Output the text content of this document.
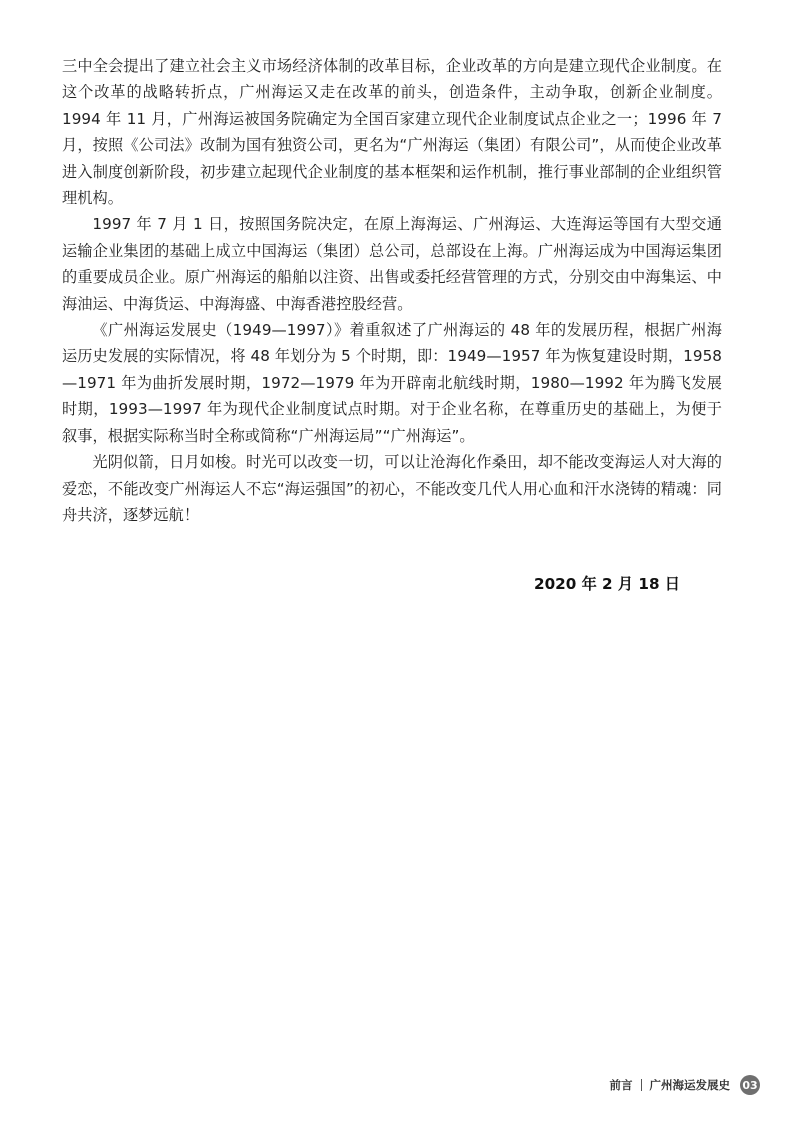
三中全会提出了建立社会主义市场经济体制的改革目标，企业改革的方向是建立现代企业制度。在这个改革的战略转折点，广州海运又走在改革的前头，创造条件，主动争取，创新企业制度。1994 年 11 月，广州海运被国务院确定为全国百家建立现代企业制度试点企业之一；1996 年 7 月，按照《公司法》改制为国有独资公司，更名为“广州海运（集团）有限公司”，从而使企业改革进入制度创新阶段，初步建立起现代企业制度的基本框架和运作机制，推行事业部制的企业组织管理机构。

1997 年 7 月 1 日，按照国务院决定，在原上海海运、广州海运、大连海运等国有大型交通运输企业集团的基础上成立中国海运（集团）总公司，总部设在上海。广州海运成为中国海运集团的重要成员企业。原广州海运的船舶以注资、出售或委托经营管理的方式，分别交由中海集运、中海油运、中海货运、中海海盛、中海香港控股经营。

《广州海运发展史（1949—1997）》着重叙述了广州海运的 48 年的发展历程，根据广州海运历史发展的实际情况，将 48 年划分为 5 个时期，即：1949—1957 年为恢复建设时期，1958—1971 年为曲折发展时期，1972—1979 年为开辟南北航线时期，1980—1992 年为腾飞发展时期，1993—1997 年为现代企业制度试点时期。对于企业名称，在尊重历史的基础上，为便于叙事，根据实际称当时全称或简称“广州海运局”“广州海运”。

光阴似箭，日月如梭。时光可以改变一切，可以让沧海化作桑田，却不能改变海运人对大海的爱恋，不能改变广州海运人不忘“海运强国”的初心，不能改变几代人用心血和汗水浇铸的精魂：同舟共济，逐梦远航！

2020 年 2 月 18 日
前言 广州海运发展史 03
